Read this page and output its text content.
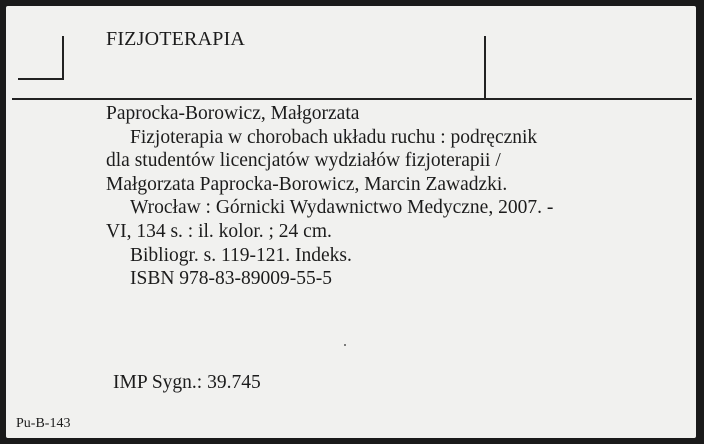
FIZJOTERAPIA
Paprocka-Borowicz, Małgorzata
Fizjoterapia w chorobach układu ruchu : podręcznik
dla studentów licencjatów wydziałów fizjoterapii /
Małgorzata Paprocka-Borowicz, Marcin Zawadzki.
Wrocław : Górnicki Wydawnictwo Medyczne, 2007. -
VI, 134 s. : il. kolor. ; 24 cm.
Bibliogr. s. 119-121. Indeks.
ISBN 978-83-89009-55-5
IMP Sygn.: 39.745
Pu-B-143
